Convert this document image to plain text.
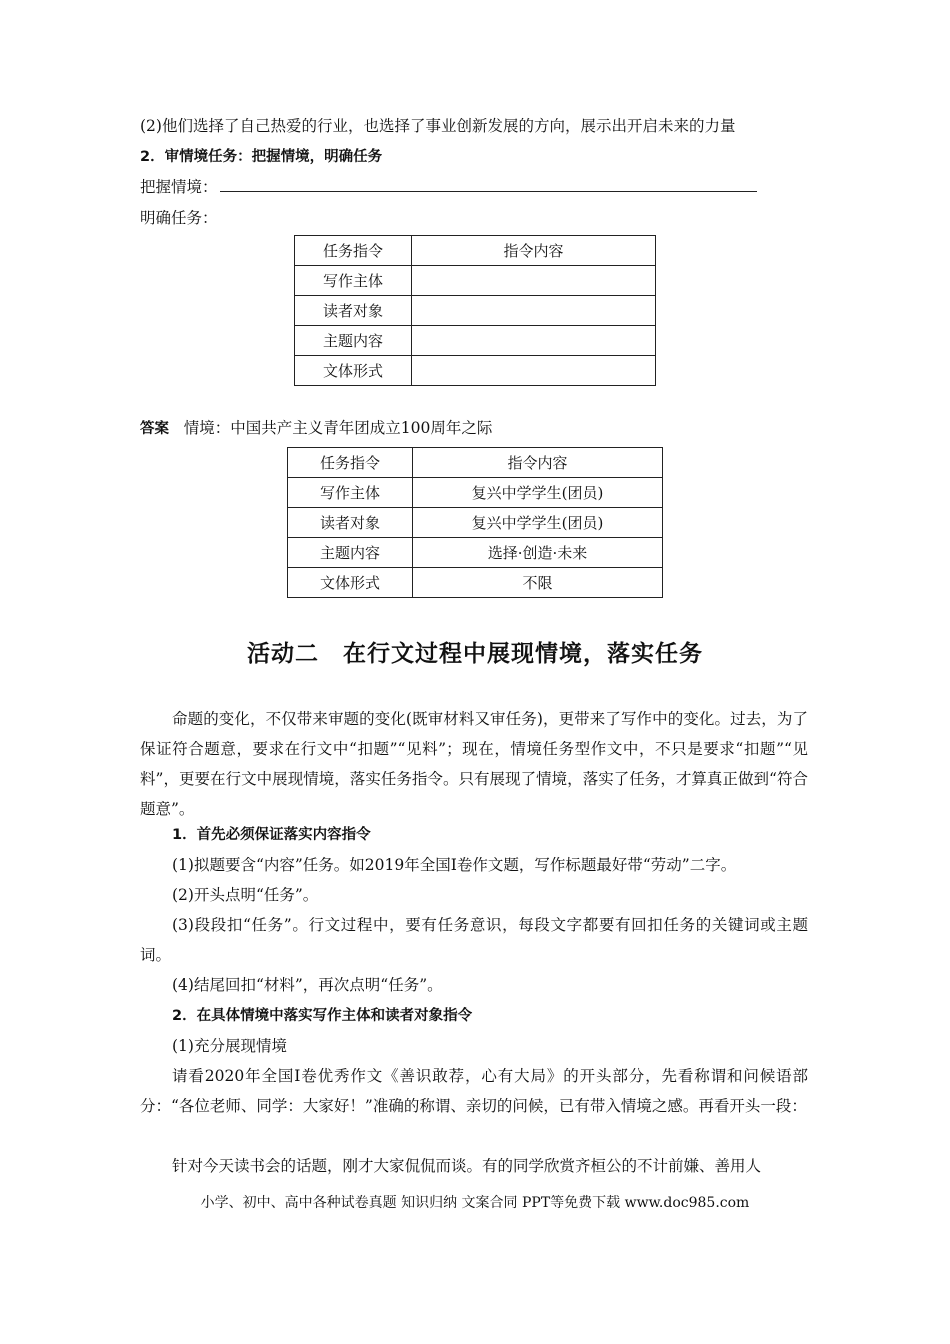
(2)他们选择了自己热爱的行业，也选择了事业创新发展的方向，展示出开启未来的力量
2．审情境任务：把握情境，明确任务
把握情境：
明确任务：
任务指令	指令内容
写作主体	
读者对象	
主题内容	
文体形式	
答案 情境：中国共产主义青年团成立100周年之际
任务指令	指令内容
写作主体	复兴中学学生(团员)
读者对象	复兴中学学生(团员)
主题内容	选择·创造·未来
文体形式	不限
活动二　在行文过程中展现情境，落实任务
命题的变化，不仅带来审题的变化(既审材料又审任务)，更带来了写作中的变化。过去，为了保证符合题意，要求在行文中“扣题”“见料”；现在，情境任务型作文中，不只是要求“扣题”“见料”，更要在行文中展现情境，落实任务指令。只有展现了情境，落实了任务，才算真正做到“符合题意”。
1．首先必须保证落实内容指令
(1)拟题要含“内容”任务。如2019年全国Ⅰ卷作文题，写作标题最好带“劳动”二字。
(2)开头点明“任务”。
(3)段段扣“任务”。行文过程中，要有任务意识，每段文字都要有回扣任务的关键词或主题词。
(4)结尾回扣“材料”，再次点明“任务”。
2．在具体情境中落实写作主体和读者对象指令
(1)充分展现情境
请看2020年全国Ⅰ卷优秀作文《善识敢荐，心有大局》的开头部分，先看称谓和问候语部分：“各位老师、同学：大家好！”准确的称谓、亲切的问候，已有带入情境之感。再看开头一段：
针对今天读书会的话题，刚才大家侃侃而谈。有的同学欣赏齐桓公的不计前嫌、善用人
小学、初中、高中各种试卷真题 知识归纳 文案合同 PPT等免费下载 www.doc985.com
